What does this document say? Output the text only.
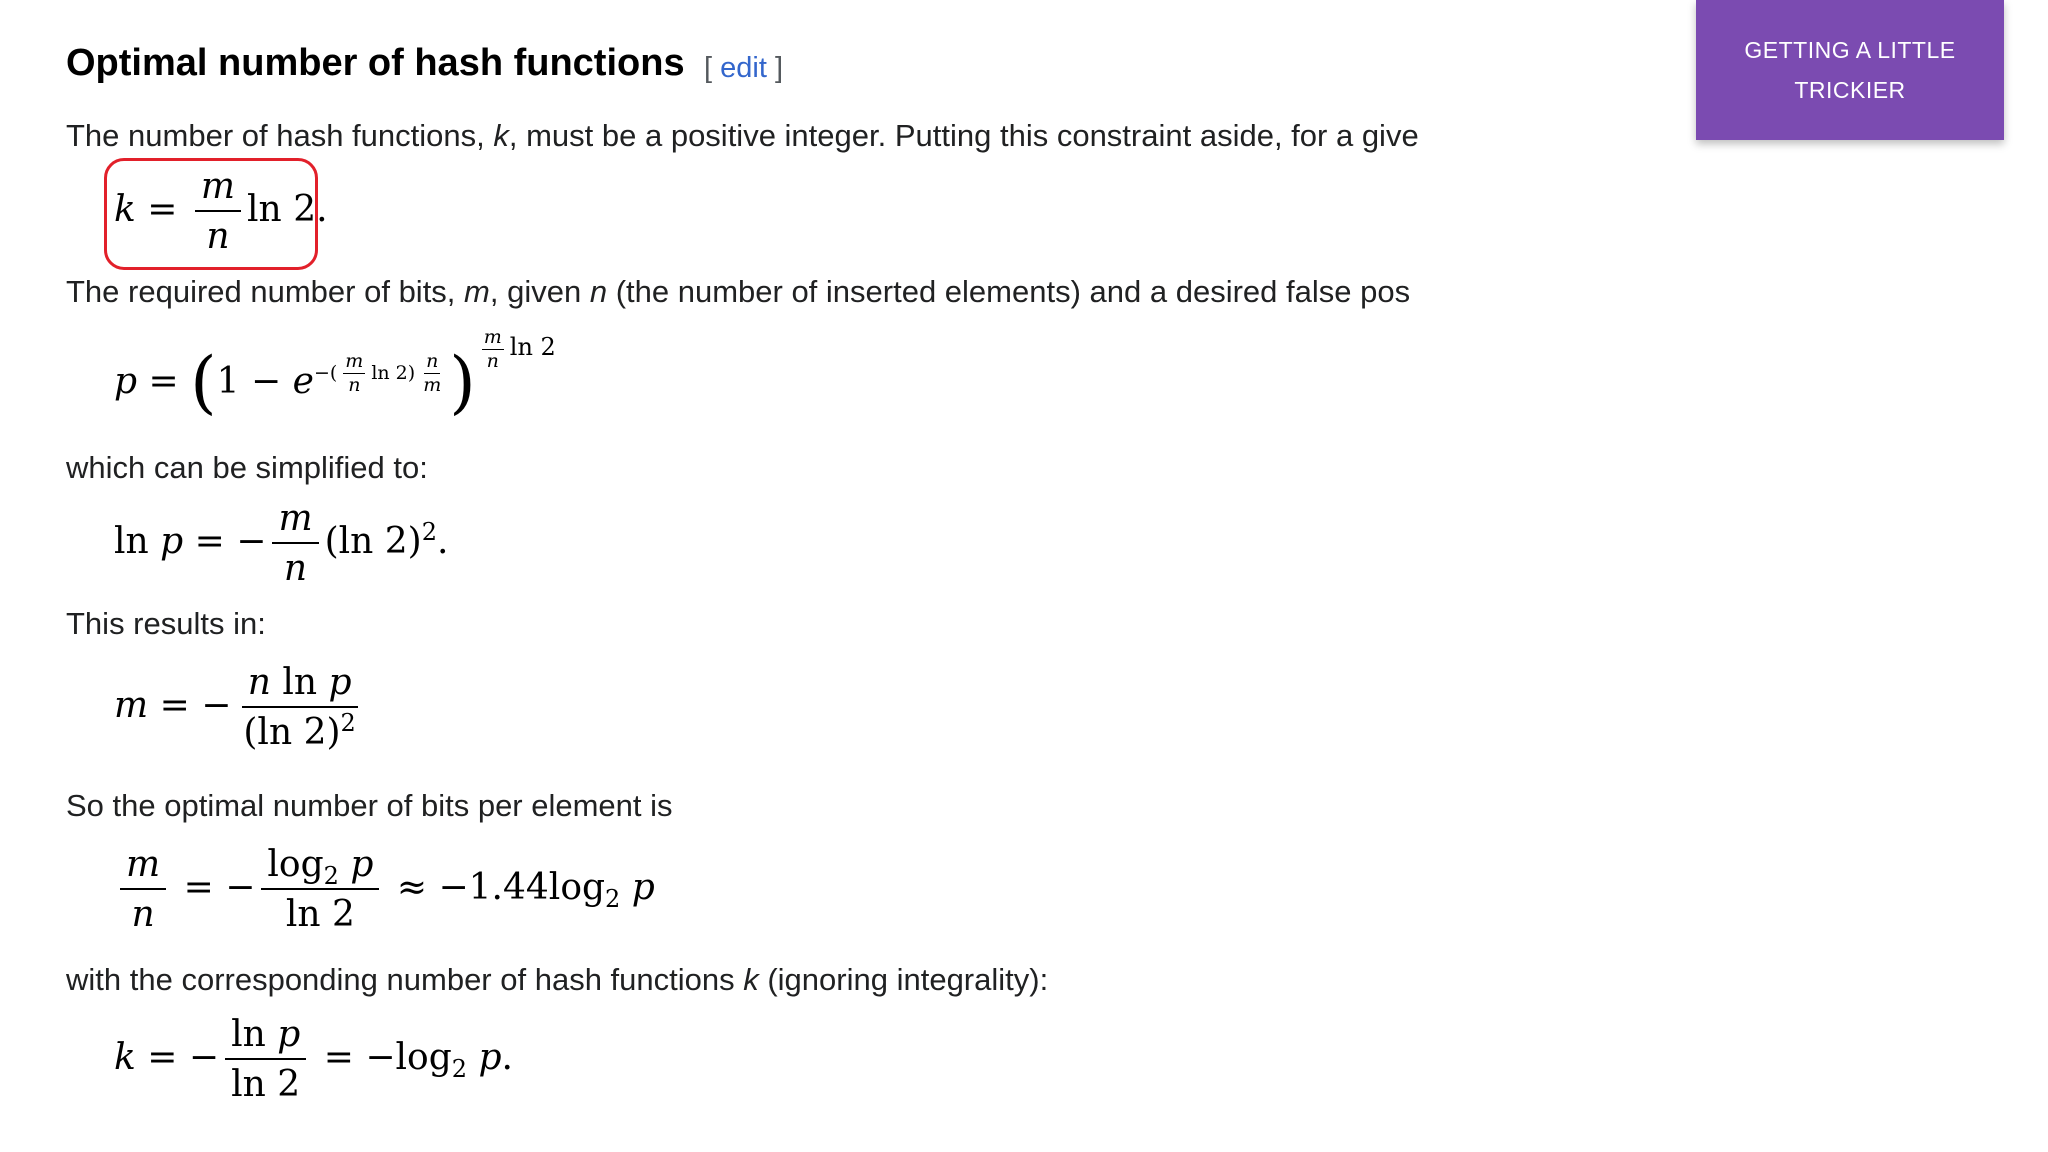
Optimal number of hash functions [ edit ]
GETTING A LITTLE TRICKIER
The number of hash functions, k, must be a positive integer. Putting this constraint aside, for a give
$k = \frac{m}{n}$ ln 2.
The required number of bits, m, given n (the number of inserted elements) and a desired false pos
$p = (1 - e^{-( \frac{m}{n} ln 2) \frac{n}{m}}$ ) $^{\frac{m}{n} ln 2}$
which can be simplified to:
ln p = − $\frac{m}{n} (\ln$ 2)$^2$.
This results in:
m = − $\frac{\text{n ln p}}{(\ln 2)^2}$
So the optimal number of bits per element is
$\frac{m}{n}$ = − $\frac{\log_2 p}{\ln 2} \approx -1.44\log_2$ p
with the corresponding number of hash functions k (ignoring integrality):
k = − $\frac{\text{ln p}}{\ln 2} = -\log_2$ p.
